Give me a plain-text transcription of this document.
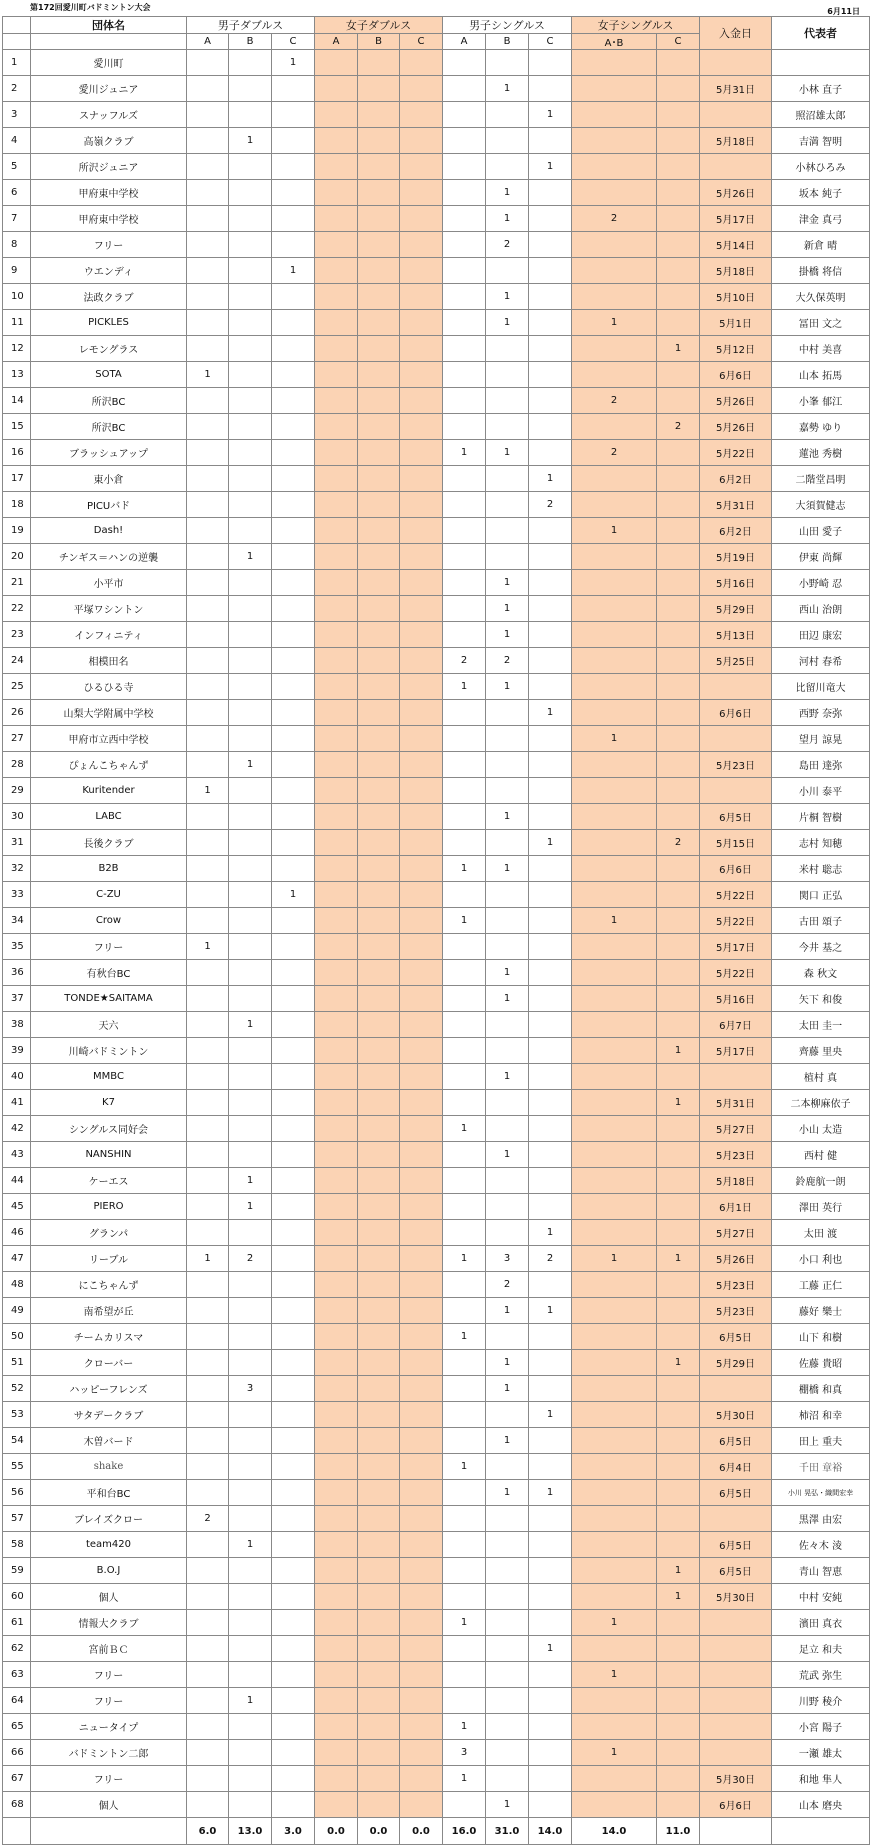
第172回愛川町バドミントン大会	6月11日
	団体名	男子ダブルス			女子ダブルス			男子シングルス			女子シングルス		入金日	代表者
		A	B	C	A	B	C	A	B	C	A･B	C		
1	愛川町			1										
2	愛川ジュニア								1				5月31日	小林 直子
3	スナッフルズ									1				照沼雄太郎
4	高嶺クラブ		1										5月18日	吉満 智明
5	所沢ジュニア									1				小林ひろみ
6	甲府東中学校								1				5月26日	坂本 純子
7	甲府東中学校								1		2		5月17日	津金 真弓
8	フリー								2				5月14日	新倉 晴
9	ウエンディ			1									5月18日	掛橋 将信
10	法政クラブ								1				5月10日	大久保英明
11	PICKLES								1		1		5月1日	冨田 文之
12	レモングラス											1	5月12日	中村 美喜
13	SOTA	1											6月6日	山本 拓馬
14	所沢BC										2		5月26日	小峯 郁江
15	所沢BC											2	5月26日	嘉勢 ゆり
16	ブラッシュアップ							1	1		2		5月22日	蓮池 秀樹
17	東小倉									1			6月2日	二階堂昌明
18	PICUバド									2			5月31日	大須賀健志
19	Dash!										1		6月2日	山田 愛子
20	チンギス＝ハンの逆襲		1										5月19日	伊東 尚輝
21	小平市								1				5月16日	小野崎 忍
22	平塚ワシントン								1				5月29日	西山 治朗
23	インフィニティ								1				5月13日	田辺 康宏
24	相模田名							2	2				5月25日	河村 春希
25	ひるひる寺							1	1					比留川竜大
26	山梨大学附属中学校									1			6月6日	西野 奈弥
27	甲府市立西中学校										1			望月 諒晃
28	ぴょんこちゃんず		1										5月23日	島田 達弥
29	Kuritender	1												小川 泰平
30	LABC								1				6月5日	片桐 智樹
31	長後クラブ									1		2	5月15日	志村 知穂
32	B2B							1	1				6月6日	米村 聡志
33	C-ZU			1									5月22日	関口 正弘
34	Crow							1			1		5月22日	古田 頌子
35	フリー	1											5月17日	今井 基之
36	有秋台BC								1				5月22日	森 秋文
37	TONDE★SAITAMA								1				5月16日	矢下 和俊
38	天六		1										6月7日	太田 圭一
39	川崎バドミントン											1	5月17日	齊藤 里央
40	MMBC								1					植村 真
41	K7											1	5月31日	二本柳麻依子
42	シングルス同好会							1					5月27日	小山 太造
43	NANSHIN								1				5月23日	西村 健
44	ケーエス		1										5月18日	鈴鹿航一朗
45	PIERO		1										6月1日	澤田 英行
46	グランパ									1			5月27日	太田 渡
47	リーブル	1	2					1	3	2	1	1	5月26日	小口 利也
48	にこちゃんず								2				5月23日	工藤 正仁
49	南希望が丘								1	1			5月23日	藤好 樂士
50	チームカリスマ							1					6月5日	山下 和樹
51	クローバー								1			1	5月29日	佐藤 貴昭
52	ハッピーフレンズ		3						1					棚橋 和真
53	サタデークラブ									1			5月30日	柿沼 和幸
54	木曽バード								1				6月5日	田上 重夫
55	shake							1					6月4日	千田 章裕
56	平和台BC								1	1			6月5日	小川 晃弘・織間宏幸
57	ブレイズクロー	2												黒澤 由宏
58	team420		1										6月5日	佐々木 淩
59	B.O.J											1	6月5日	青山 智恵
60	個人											1	5月30日	中村 安純
61	情報大クラブ							1			1			濱田 真衣
62	宮前ＢＣ									1				足立 和夫
63	フリー										1			荒武 弥生
64	フリー		1											川野 稜介
65	ニュータイプ							1						小宮 陽子
66	バドミントン二郎							3			1			一瀬 雄太
67	フリー							1					5月30日	和地 隼人
68	個人								1				6月6日	山本 磨央
		6.0	13.0	3.0	0.0	0.0	0.0	16.0	31.0	14.0	14.0	11.0		
